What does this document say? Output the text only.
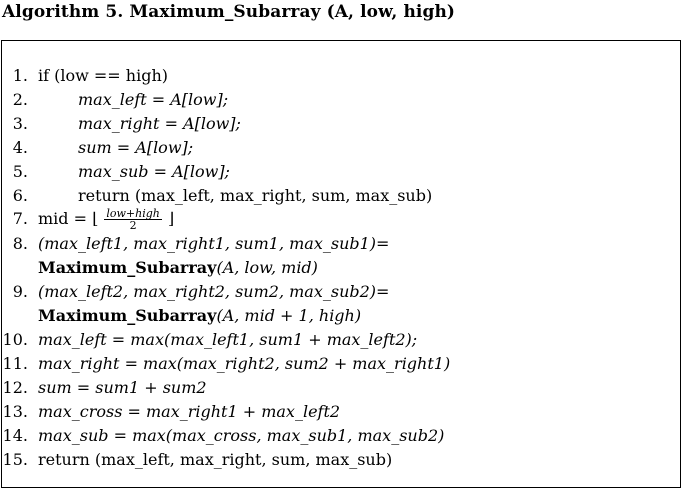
Algorithm 5. Maximum_Subarray (A, low, high)
1. if (low == high)
2.	max_left = A[low];
3.	max_right = A[low];
4.	sum = A[low];
5.	max_sub = A[low];
6.	return (max_left, max_right, sum, max_sub)
7. mid = ⌊ $\frac{\text{low+high}}{2}$ ⌋
8. (max_left1, max_right1, sum1, max_sub1)=
Maximum_Subarray(A, low, mid)
9. (max_left2, max_right2, sum2, max_sub2)=
Maximum_Subarray(A, mid + 1, high)
10. max_left = max(max_left1, sum1 + max_left2);
11. max_right = max(max_right2, sum2 + max_right1)
12. sum = sum1 + sum2
13. max_cross = max_right1 + max_left2
14. max_sub = max(max_cross, max_sub1, max_sub2)
15. return (max_left, max_right, sum, max_sub)
